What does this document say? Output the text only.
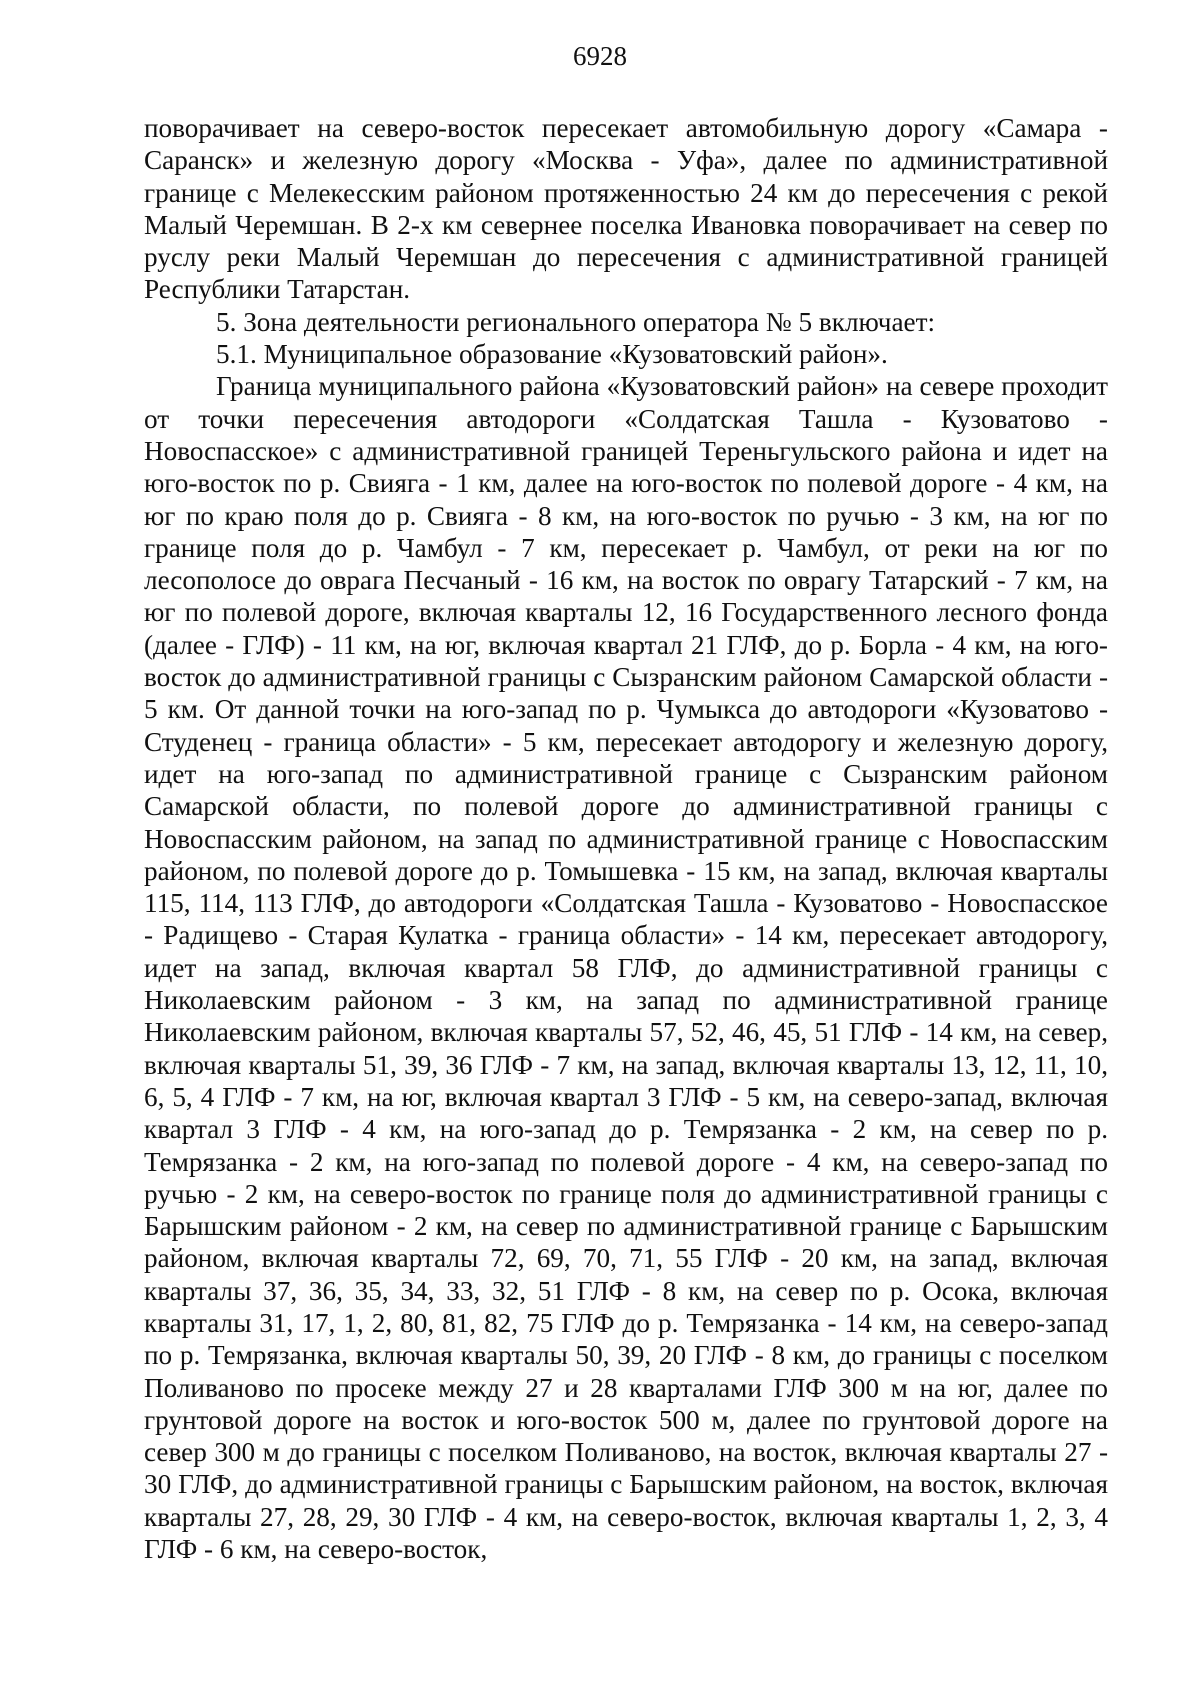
6928

поворачивает на северо-восток пересекает автомобильную дорогу «Самара - Саранск» и железную дорогу «Москва - Уфа», далее по административной границе с Мелекесским районом протяженностью 24 км до пересечения с рекой Малый Черемшан. В 2-х км севернее поселка Ивановка поворачивает на север по руслу реки Малый Черемшан до пересечения с административной границей Республики Татарстан.

5. Зона деятельности регионального оператора № 5 включает:

5.1. Муниципальное образование «Кузоватовский район».

Граница муниципального района «Кузоватовский район» на севере проходит от точки пересечения автодороги «Солдатская Ташла - Кузоватово - Новоспасское» с административной границей Тереньгульского района и идет на юго-восток по р. Свияга - 1 км, далее на юго-восток по полевой дороге - 4 км, на юг по краю поля до р. Свияга - 8 км, на юго-восток по ручью - 3 км, на юг по границе поля до р. Чамбул - 7 км, пересекает р. Чамбул, от реки на юг по лесополосе до оврага Песчаный - 16 км, на восток по оврагу Татарский - 7 км, на юг по полевой дороге, включая кварталы 12, 16 Государственного лесного фонда (далее - ГЛФ) - 11 км, на юг, включая квартал 21 ГЛФ, до р. Борла - 4 км, на юго-восток до административной границы с Сызранским районом Самарской области - 5 км. От данной точки на юго-запад по р. Чумыкса до автодороги «Кузоватово - Студенец - граница области» - 5 км, пересекает автодорогу и железную дорогу, идет на юго-запад по административной границе с Сызранским районом Самарской области, по полевой дороге до административной границы с Новоспасским районом, на запад по административной границе с Новоспасским районом, по полевой дороге до р. Томышевка - 15 км, на запад, включая кварталы 115, 114, 113 ГЛФ, до автодороги «Солдатская Ташла - Кузоватово - Новоспасское - Радищево - Старая Кулатка - граница области» - 14 км, пересекает автодорогу, идет на запад, включая квартал 58 ГЛФ, до административной границы с Николаевским районом - 3 км, на запад по административной границе Николаевским районом, включая кварталы 57, 52, 46, 45, 51 ГЛФ - 14 км, на север, включая кварталы 51, 39, 36 ГЛФ - 7 км, на запад, включая кварталы 13, 12, 11, 10, 6, 5, 4 ГЛФ - 7 км, на юг, включая квартал 3 ГЛФ - 5 км, на северо-запад, включая квартал 3 ГЛФ - 4 км, на юго-запад до р. Темрязанка - 2 км, на север по р. Темрязанка - 2 км, на юго-запад по полевой дороге - 4 км, на северо-запад по ручью - 2 км, на северо-восток по границе поля до административной границы с Барышским районом - 2 км, на север по административной границе с Барышским районом, включая кварталы 72, 69, 70, 71, 55 ГЛФ - 20 км, на запад, включая кварталы 37, 36, 35, 34, 33, 32, 51 ГЛФ - 8 км, на север по р. Осока, включая кварталы 31, 17, 1, 2, 80, 81, 82, 75 ГЛФ до р. Темрязанка - 14 км, на северо-запад по р. Темрязанка, включая кварталы 50, 39, 20 ГЛФ - 8 км, до границы с поселком Поливаново по просеке между 27 и 28 кварталами ГЛФ 300 м на юг, далее по грунтовой дороге на восток и юго-восток 500 м, далее по грунтовой дороге на север 300 м до границы с поселком Поливаново, на восток, включая кварталы 27 - 30 ГЛФ, до административной границы с Барышским районом, на восток, включая кварталы 27, 28, 29, 30 ГЛФ - 4 км, на северо-восток, включая кварталы 1, 2, 3, 4 ГЛФ - 6 км, на северо-восток,
